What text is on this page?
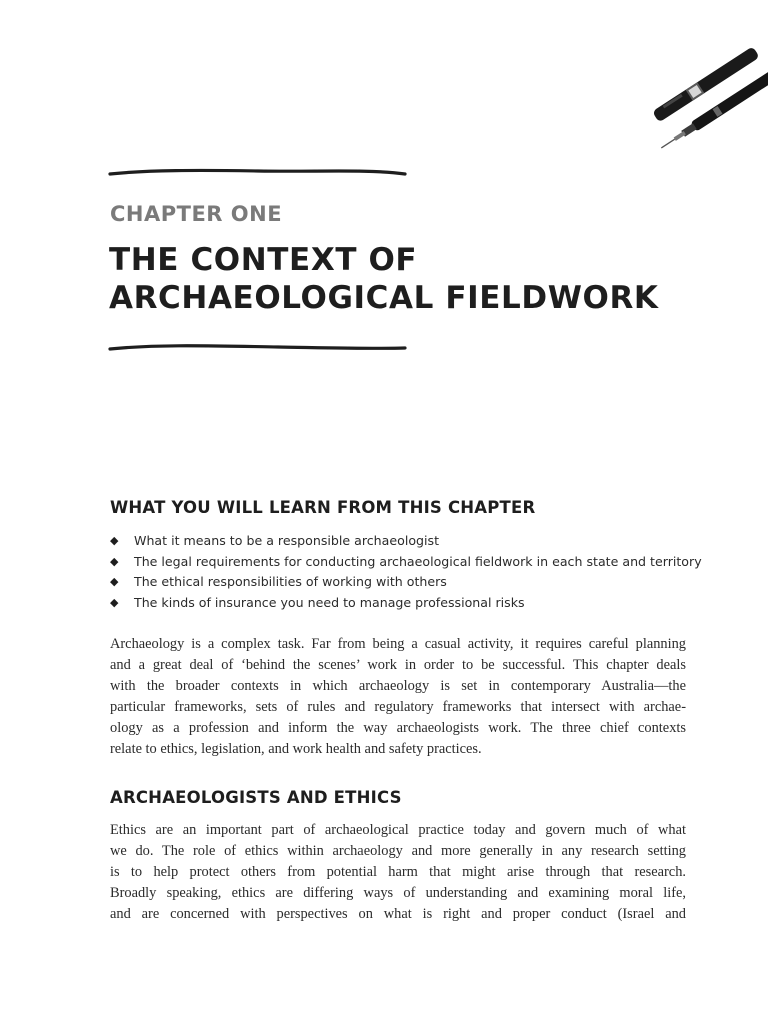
CHAPTER ONE
THE CONTEXT OF
ARCHAEOLOGICAL FIELDWORK
WHAT YOU WILL LEARN FROM THIS CHAPTER
◆	What it means to be a responsible archaeologist
◆	The legal requirements for conducting archaeological fieldwork in each state and territory
◆	The ethical responsibilities of working with others
◆	The kinds of insurance you need to manage professional risks
Archaeology is a complex task. Far from being a casual activity, it requires careful planning
and a great deal of ‘behind the scenes’ work in order to be successful. This chapter deals
with the broader contexts in which archaeology is set in contemporary Australia—the
particular frameworks, sets of rules and regulatory frameworks that intersect with archae-
ology as a profession and inform the way archaeologists work. The three chief contexts
relate to ethics, legislation, and work health and safety practices.
ARCHAEOLOGISTS AND ETHICS
Ethics are an important part of archaeological practice today and govern much of what
we do. The role of ethics within archaeology and more generally in any research setting
is to help protect others from potential harm that might arise through that research.
Broadly speaking, ethics are differing ways of understanding and examining moral life,
and are concerned with perspectives on what is right and proper conduct (Israel and
